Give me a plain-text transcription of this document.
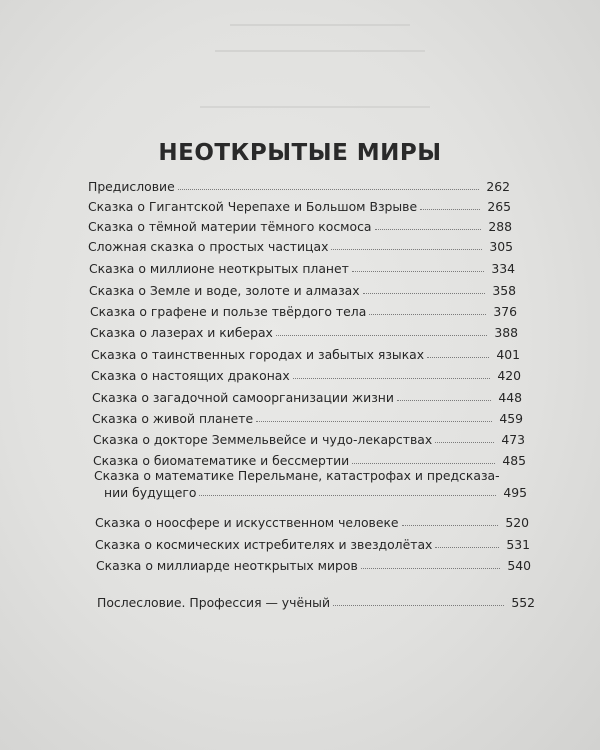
НЕОТКРЫТЫЕ МИРЫ
Предисловие	262
Сказка о Гигантской Черепахе и Большом Взрыве	265
Сказка о тёмной материи тёмного космоса	288
Сложная сказка о простых частицах	305
Сказка о миллионе неоткрытых планет	334
Сказка о Земле и воде, золоте и алмазах	358
Сказка о графене и пользе твёрдого тела	376
Сказка о лазерах и киберах	388
Сказка о таинственных городах и забытых языках	401
Сказка о настоящих драконах	420
Сказка о загадочной самоорганизации жизни	448
Сказка о живой планете	459
Сказка о докторе Земмельвейсе и чудо-лекарствах	473
Сказка о биоматематике и бессмертии	485
Сказка о математике Перельмане, катастрофах и предсказа-
нии будущего	495
Сказка о ноосфере и искусственном человеке	520
Сказка о космических истребителях и звездолётах	531
Сказка о миллиарде неоткрытых миров	540
Послесловие. Профессия — учёный	552
